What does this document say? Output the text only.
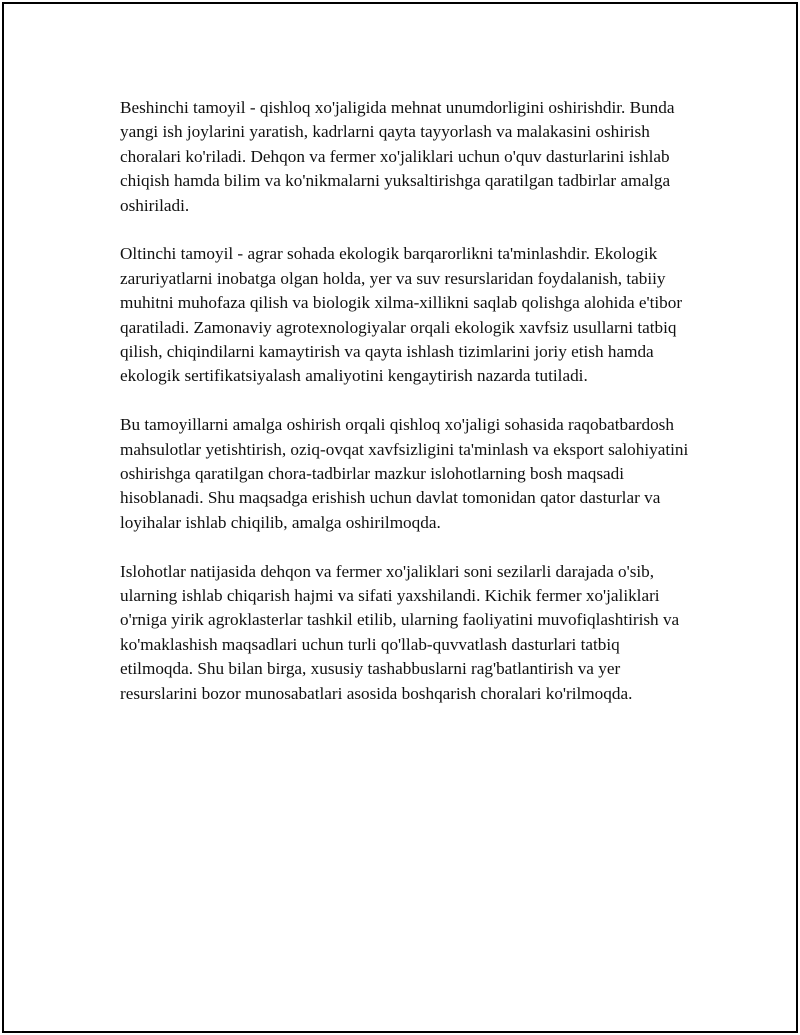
Beshinchi tamoyil - qishloq xo'jaligida mehnat unumdorligini oshirishdir. Bunda yangi ish joylarini yaratish, kadrlarni qayta tayyorlash va malakasini oshirish choralari ko'riladi. Dehqon va fermer xo'jaliklari uchun o'quv dasturlarini ishlab chiqish hamda bilim va ko'nikmalarni yuksaltirishga qaratilgan tadbirlar amalga oshiriladi.

Oltinchi tamoyil - agrar sohada ekologik barqarorlikni ta'minlashdir. Ekologik zaruriyatlarni inobatga olgan holda, yer va suv resurslaridan foydalanish, tabiiy muhitni muhofaza qilish va biologik xilma-xillikni saqlab qolishga alohida e'tibor qaratiladi. Zamonaviy agrotexnologiyalar orqali ekologik xavfsiz usullarni tatbiq qilish, chiqindilarni kamaytirish va qayta ishlash tizimlarini joriy etish hamda ekologik sertifikatsiyalash amaliyotini kengaytirish nazarda tutiladi.

Bu tamoyillarni amalga oshirish orqali qishloq xo'jaligi sohasida raqobatbardosh mahsulotlar yetishtirish, oziq-ovqat xavfsizligini ta'minlash va eksport salohiyatini oshirishga qaratilgan chora-tadbirlar mazkur islohotlarning bosh maqsadi hisoblanadi. Shu maqsadga erishish uchun davlat tomonidan qator dasturlar va loyihalar ishlab chiqilib, amalga oshirilmoqda.

Islohotlar natijasida dehqon va fermer xo'jaliklari soni sezilarli darajada o'sib, ularning ishlab chiqarish hajmi va sifati yaxshilandi. Kichik fermer xo'jaliklari o'rniga yirik agroklasterlar tashkil etilib, ularning faoliyatini muvofiqlashtirish va ko'maklashish maqsadlari uchun turli qo'llab-quvvatlash dasturlari tatbiq etilmoqda. Shu bilan birga, xususiy tashabbuslarni rag'batlantirish va yer resurslarini bozor munosabatlari asosida boshqarish choralari ko'rilmoqda.
